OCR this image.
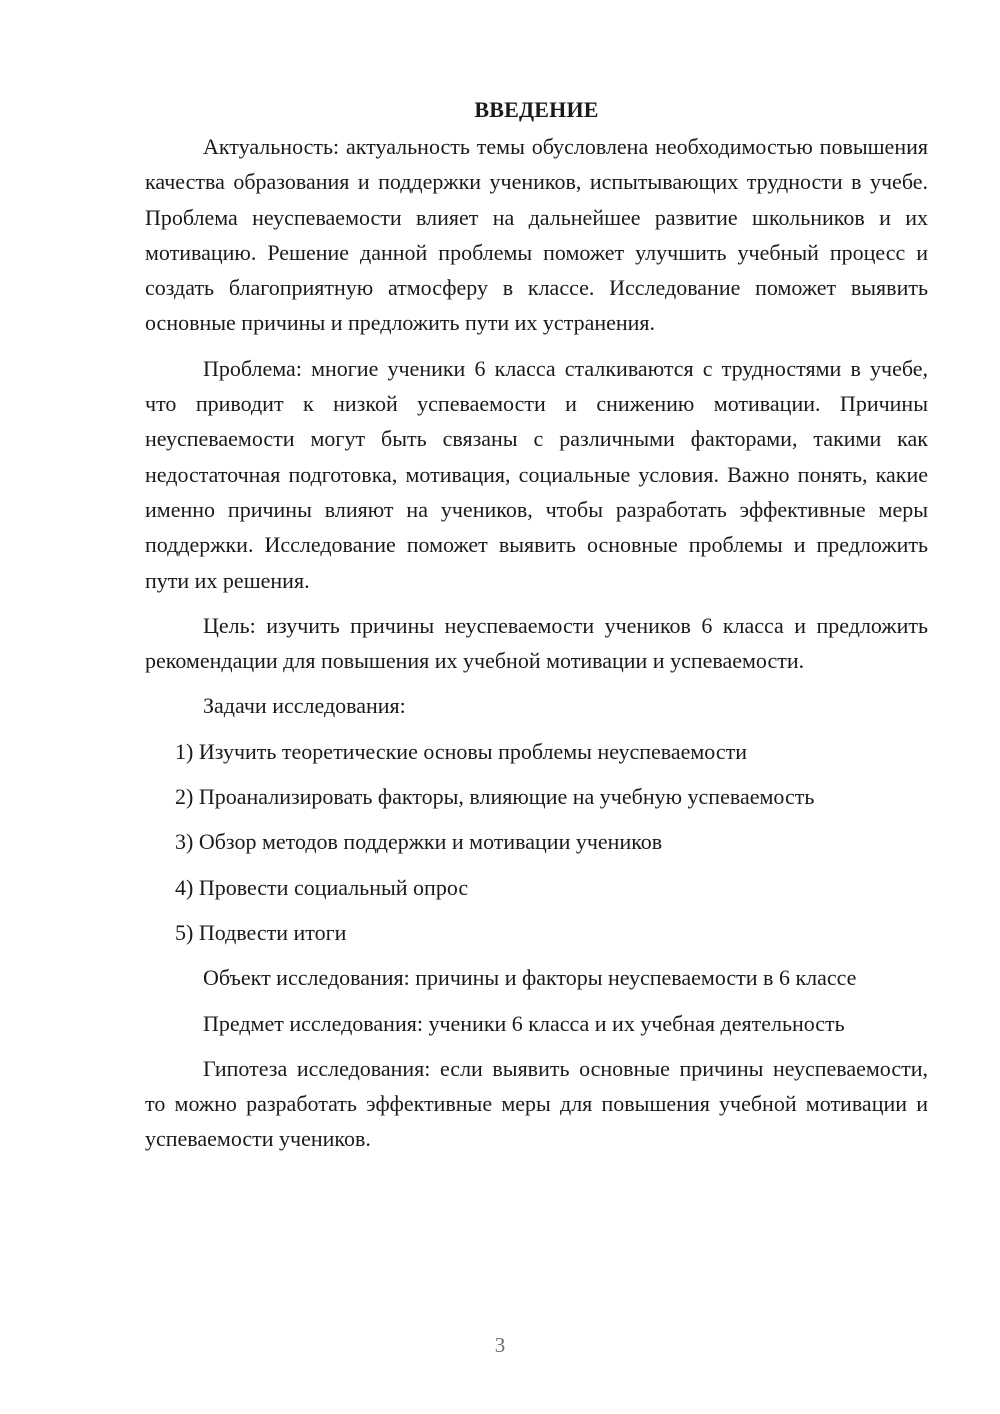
ВВЕДЕНИЕ

Актуальность: актуальность темы обусловлена необходимостью повышения качества образования и поддержки учеников, испытывающих трудности в учебе. Проблема неуспеваемости влияет на дальнейшее развитие школьников и их мотивацию. Решение данной проблемы поможет улучшить учебный процесс и создать благоприятную атмосферу в классе. Исследование поможет выявить основные причины и предложить пути их устранения.

Проблема: многие ученики 6 класса сталкиваются с трудностями в учебе, что приводит к низкой успеваемости и снижению мотивации. Причины неуспеваемости могут быть связаны с различными факторами, такими как недостаточная подготовка, мотивация, социальные условия. Важно понять, какие именно причины влияют на учеников, чтобы разработать эффективные меры поддержки. Исследование поможет выявить основные проблемы и предложить пути их решения.

Цель: изучить причины неуспеваемости учеников 6 класса и предложить рекомендации для повышения их учебной мотивации и успеваемости.

Задачи исследования:

1) Изучить теоретические основы проблемы неуспеваемости

2) Проанализировать факторы, влияющие на учебную успеваемость

3) Обзор методов поддержки и мотивации учеников

4) Провести социальный опрос

5) Подвести итоги

Объект исследования: причины и факторы неуспеваемости в 6 классе

Предмет исследования: ученики 6 класса и их учебная деятельность

Гипотеза исследования: если выявить основные причины неуспеваемости, то можно разработать эффективные меры для повышения учебной мотивации и успеваемости учеников.

3
